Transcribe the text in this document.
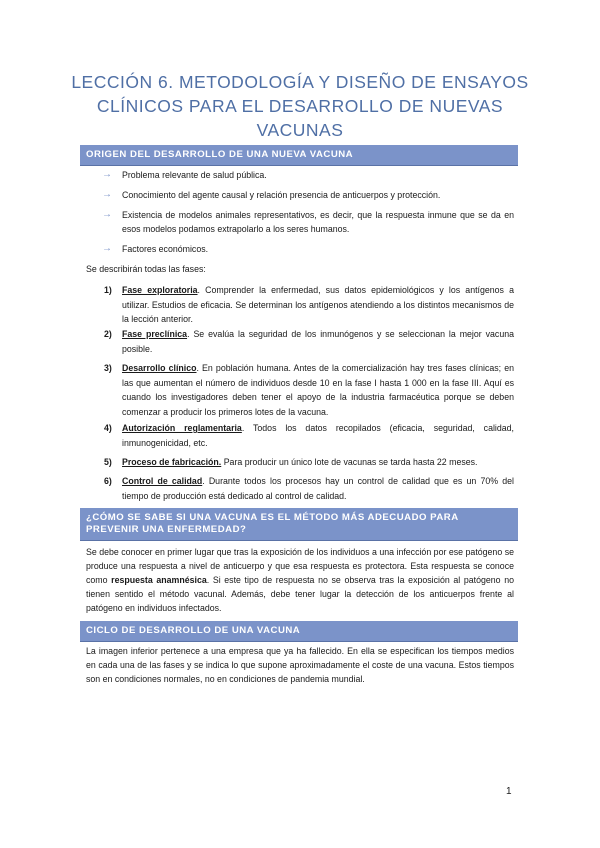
LECCIÓN 6. METODOLOGÍA Y DISEÑO DE ENSAYOS CLÍNICOS PARA EL DESARROLLO DE NUEVAS VACUNAS
ORIGEN DEL DESARROLLO DE UNA NUEVA VACUNA
→ Problema relevante de salud pública.
→ Conocimiento del agente causal y relación presencia de anticuerpos y protección.
→ Existencia de modelos animales representativos, es decir, que la respuesta inmune que se da en esos modelos podamos extrapolarlo a los seres humanos.
→ Factores económicos.
Se describirán todas las fases:
1) Fase exploratoria. Comprender la enfermedad, sus datos epidemiológicos y los antígenos a utilizar. Estudios de eficacia. Se determinan los antígenos atendiendo a los distintos mecanismos de la lección anterior.
2) Fase preclínica. Se evalúa la seguridad de los inmunógenos y se seleccionan la mejor vacuna posible.
3) Desarrollo clínico. En población humana. Antes de la comercialización hay tres fases clínicas; en las que aumentan el número de individuos desde 10 en la fase I hasta 1 000 en la fase III. Aquí es cuando los investigadores deben tener el apoyo de la industria farmacéutica porque se deben comenzar a producir los primeros lotes de la vacuna.
4) Autorización reglamentaria. Todos los datos recopilados (eficacia, seguridad, calidad, inmunogenicidad, etc.
5) Proceso de fabricación. Para producir un único lote de vacunas se tarda hasta 22 meses.
6) Control de calidad. Durante todos los procesos hay un control de calidad que es un 70% del tiempo de producción está dedicado al control de calidad.
¿CÓMO SE SABE SI UNA VACUNA ES EL MÉTODO MÁS ADECUADO PARA PREVENIR UNA ENFERMEDAD?
Se debe conocer en primer lugar que tras la exposición de los individuos a una infección por ese patógeno se produce una respuesta a nivel de anticuerpo y que esa respuesta es protectora. Esta respuesta se conoce como respuesta anamnésica. Si este tipo de respuesta no se observa tras la exposición al patógeno no tienen sentido el método vacunal. Además, debe tener lugar la detección de los anticuerpos frente al patógeno en individuos infectados.
CICLO DE DESARROLLO DE UNA VACUNA
La imagen inferior pertenece a una empresa que ya ha fallecido. En ella se especifican los tiempos medios en cada una de las fases y se indica lo que supone aproximadamente el coste de una vacuna. Estos tiempos son en condiciones normales, no en condiciones de pandemia mundial.
1
